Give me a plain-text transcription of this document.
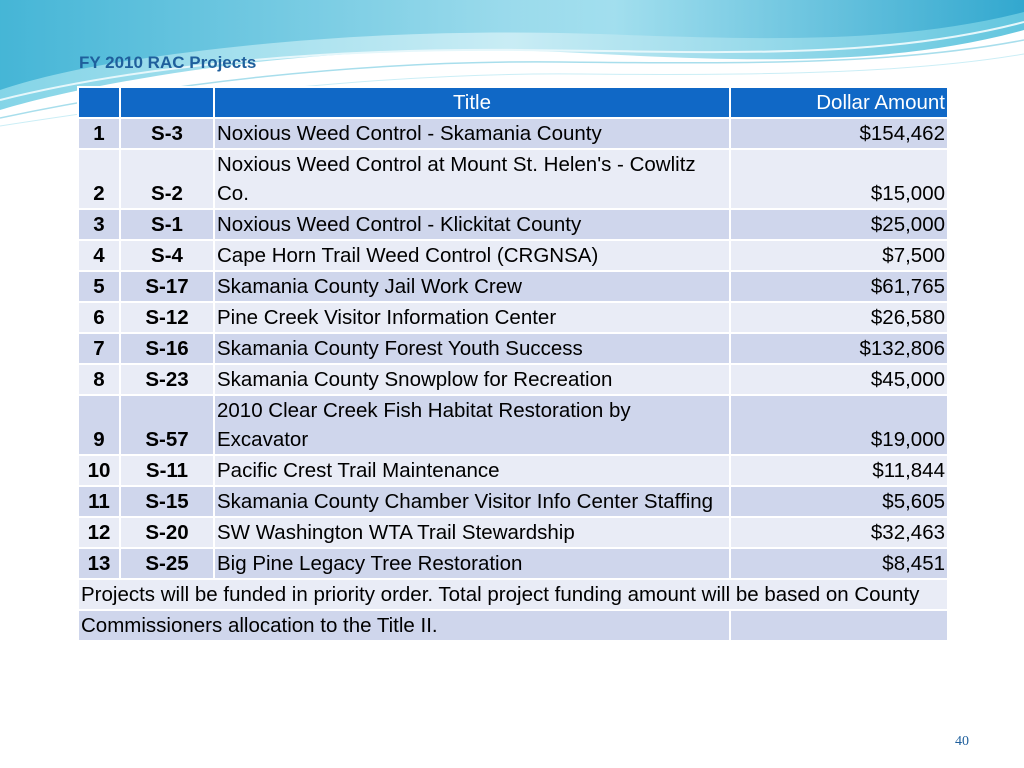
FY 2010 RAC Projects
		Title	Dollar Amount
1	S-3	Noxious Weed Control - Skamania County	$154,462
2	S-2	Noxious Weed Control at Mount St. Helen's - Cowlitz Co.	$15,000
3	S-1	Noxious Weed Control - Klickitat County	$25,000
4	S-4	Cape Horn Trail Weed Control (CRGNSA)	$7,500
5	S-17	Skamania County Jail Work Crew	$61,765
6	S-12	Pine Creek Visitor Information Center	$26,580
7	S-16	Skamania County Forest Youth Success	$132,806
8	S-23	Skamania County Snowplow for Recreation	$45,000
9	S-57	2010 Clear Creek Fish Habitat Restoration by Excavator	$19,000
10	S-11	Pacific Crest Trail Maintenance	$11,844
11	S-15	Skamania County Chamber Visitor Info Center Staffing	$5,605
12	S-20	SW Washington WTA Trail Stewardship	$32,463
13	S-25	Big Pine Legacy Tree Restoration	$8,451
Projects will be funded in priority order. Total project funding amount will be based on County			
Commissioners allocation to the Title II.			
40
